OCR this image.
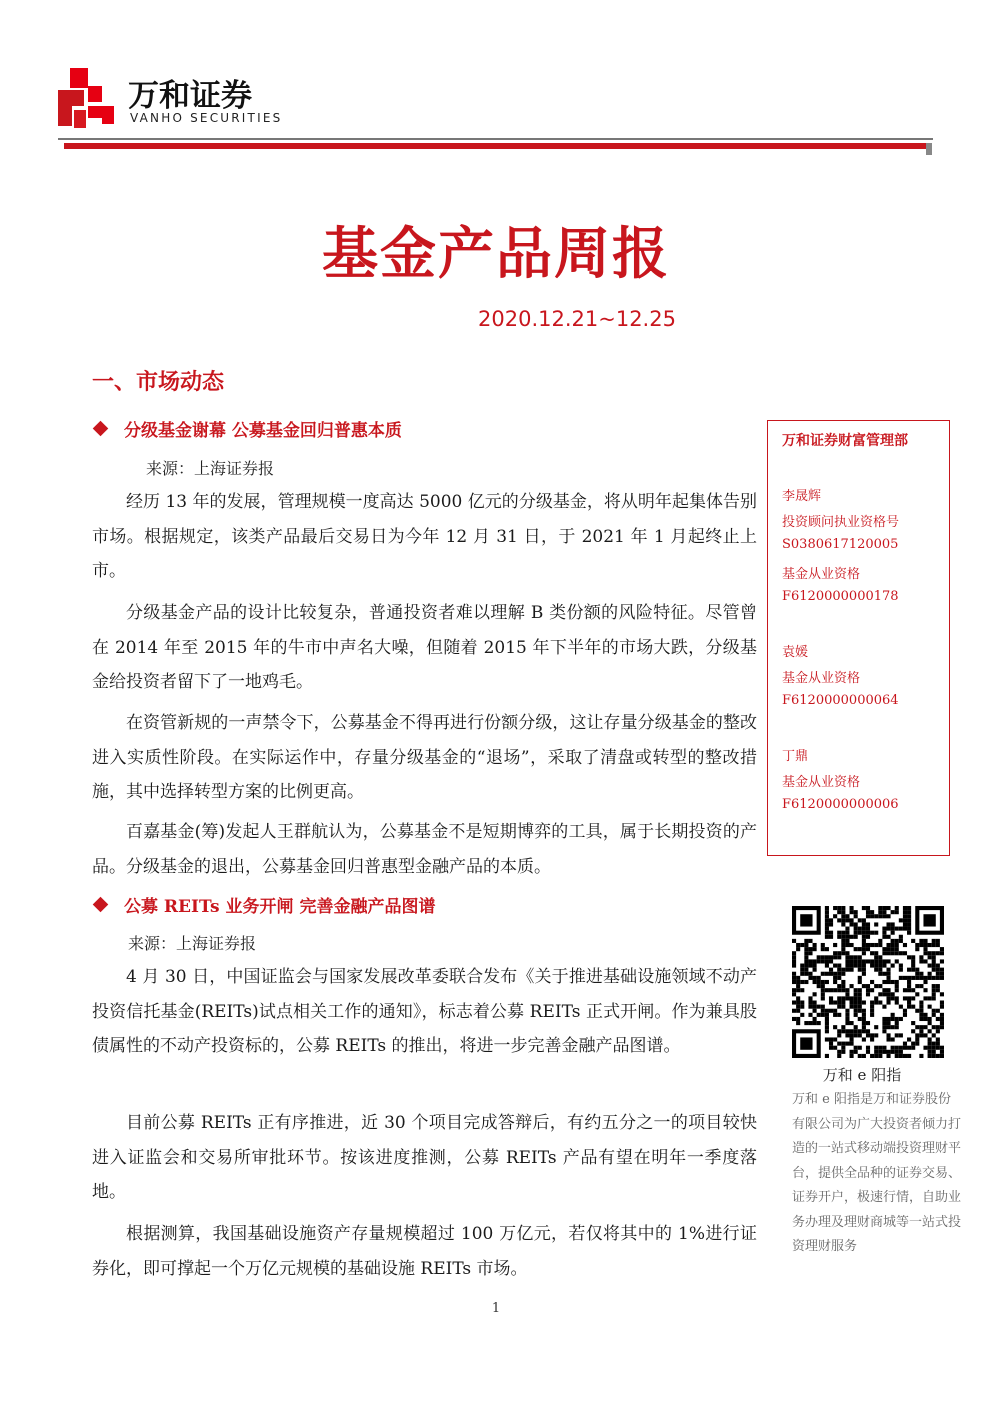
万和证券
VANHO SECURITIES
基金产品周报
2020.12.21~12.25
一、市场动态
分级基金谢幕 公募基金回归普惠本质
来源：上海证券报

经历 13 年的发展，管理规模一度高达 5000 亿元的分级基金，将从明年起集体告别市场。根据规定，该类产品最后交易日为今年 12 月 31 日，于 2021 年 1 月起终止上市。

分级基金产品的设计比较复杂，普通投资者难以理解 B 类份额的风险特征。尽管曾在 2014 年至 2015 年的牛市中声名大噪，但随着 2015 年下半年的市场大跌，分级基金给投资者留下了一地鸡毛。

在资管新规的一声禁令下，公募基金不得再进行份额分级，这让存量分级基金的整改进入实质性阶段。在实际运作中，存量分级基金的“退场”，采取了清盘或转型的整改措施，其中选择转型方案的比例更高。

百嘉基金(筹)发起人王群航认为，公募基金不是短期博弈的工具，属于长期投资的产品。分级基金的退出，公募基金回归普惠型金融产品的本质。

公募 REITs 业务开闸 完善金融产品图谱
来源：上海证券报

4 月 30 日，中国证监会与国家发展改革委联合发布《关于推进基础设施领域不动产投资信托基金(REITs)试点相关工作的通知》，标志着公募 REITs 正式开闸。作为兼具股债属性的不动产投资标的，公募 REITs 的推出，将进一步完善金融产品图谱。

目前公募 REITs 正有序推进，近 30 个项目完成答辩后，有约五分之一的项目较快进入证监会和交易所审批环节。按该进度推测，公募 REITs 产品有望在明年一季度落地。

根据测算，我国基础设施资产存量规模超过 100 万亿元，若仅将其中的 1%进行证券化，即可撑起一个万亿元规模的基础设施 REITs 市场。

万和证券财富管理部
李晟辉
投资顾问执业资格号
S0380617120005
基金从业资格
F6120000000178
袁媛
基金从业资格
F6120000000064
丁鼎
基金从业资格
F6120000000006
万和 e 阳指

万和 e 阳指是万和证券股份有限公司为广大投资者倾力打造的一站式移动端投资理财平台，提供全品种的证券交易、证券开户，极速行情，自助业务办理及理财商城等一站式投资理财服务

1
